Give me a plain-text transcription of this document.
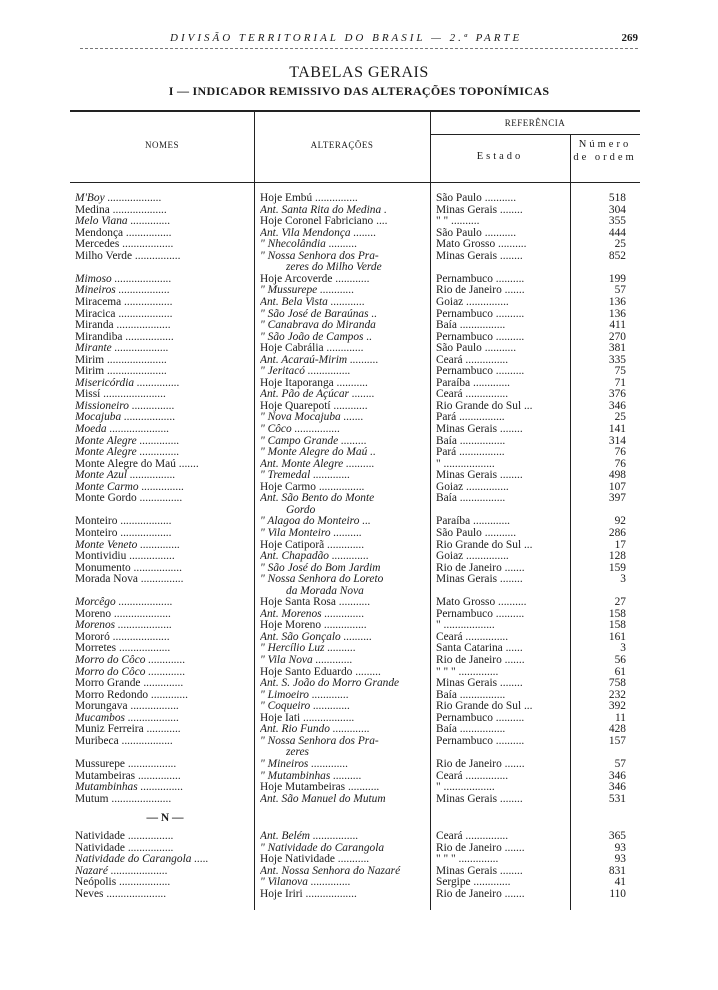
DIVISÃO TERRITORIAL DO BRASIL — 2.ª PARTE	269
TABELAS GERAIS
I — INDICADOR REMISSIVO DAS ALTERAÇÕES TOPONÍMICAS
NOMES	ALTERAÇÕES
REFERÊNCIA
Estado
Número de ordem
M'Boy ...................	Hoje Embú ...............	São Paulo ...........	518
Medina ...................	Ant. Santa Rita do Medina .	Minas Gerais ........	304
Melo Viana ..............	Hoje Coronel Fabriciano ....	" " ..........	355
Mendonça ................	Ant. Vila Mendonça ........	São Paulo ...........	444
Mercedes ..................	" Nhecolândia ..........	Mato Grosso ..........	25
Milho Verde ................	" Nossa Senhora dos Pra-	Minas Gerais ........	852
zeres do Milho Verde
Mimoso ....................	Hoje Arcoverde ............	Pernambuco ..........	199
Mineiros ..................	" Mussurepe ............	Rio de Janeiro .......	57
Miracema .................	Ant. Bela Vista ............	Goiaz ...............	136
Miracica ...................	" São José de Baraúnas ..	Pernambuco ..........	136
Miranda ...................	" Canabrava do Miranda	Baía ................	411
Mirandiba .................	" São João de Campos ..	Pernambuco ..........	270
Mirante ...................	Hoje Cabrália .............	São Paulo ...........	381
Mirim .....................	Ant. Acaraú-Mirim ..........	Ceará ...............	335
Mirim .....................	" Jeritacó ...............	Pernambuco ..........	75
Misericórdia ...............	Hoje Itaporanga ...........	Paraíba .............	71
Missí ......................	Ant. Pão de Açúcar ........	Ceará ...............	376
Missioneiro ...............	Hoje Quarepotí ............	Rio Grande do Sul ...	346
Mocajuba ..................	" Nova Mocajuba .......	Pará ................	25
Moeda .....................	" Côco ................	Minas Gerais ........	141
Monte Alegre ..............	" Campo Grande .........	Baía ................	314
Monte Alegre ..............	" Monte Alegre do Maú ..	Pará ................	76
Monte Alegre do Maú .......	Ant. Monte Alegre ..........	" ..................	76
Monte Azul ................	" Tremedal .............	Minas Gerais ........	498
Monte Carmo ...............	Hoje Carmo ................	Goiaz ...............	107
Monte Gordo ...............	Ant. São Bento do Monte	Baía ................	397
Gordo
Monteiro ..................	" Alagoa do Monteiro ...	Paraíba .............	92
Monteiro ..................	" Vila Monteiro ..........	São Paulo ...........	286
Monte Veneto ..............	Hoje Catiporã .............	Rio Grande do Sul ...	17
Montividiu ................	Ant. Chapadão .............	Goiaz ...............	128
Monumento .................	" São José do Bom Jardim	Rio de Janeiro .......	159
Morada Nova ...............	" Nossa Senhora do Loreto	Minas Gerais ........	3
da Morada Nova
Morcêgo ...................	Hoje Santa Rosa ...........	Mato Grosso ..........	27
Moreno ....................	Ant. Morenos ..............	Pernambuco ..........	158
Morenos ...................	Hoje Moreno ...............	" ..................	158
Mororó ....................	Ant. São Gonçalo ..........	Ceará ...............	161
Morretes ..................	" Hercílio Luz ..........	Santa Catarina ......	3
Morro do Côco .............	" Vila Nova .............	Rio de Janeiro .......	56
Morro do Côco .............	Hoje Santo Eduardo .........	" " " ..............	61
Morro Grande ..............	Ant. S. João do Morro Grande	Minas Gerais ........	758
Morro Redondo .............	" Limoeiro .............	Baía ................	232
Morungava .................	" Coqueiro .............	Rio Grande do Sul ...	392
Mucambos ..................	Hoje Iati ..................	Pernambuco ..........	11
Muniz Ferreira ............	Ant. Rio Fundo .............	Baía ................	428
Muribeca ..................	" Nossa Senhora dos Pra-	Pernambuco ..........	157
zeres
Mussurepe .................	" Mineiros .............	Rio de Janeiro .......	57
Mutambeiras ...............	" Mutambinhas ..........	Ceará ...............	346
Mutambinhas ...............	Hoje Mutambeiras ...........	" ..................	346
Mutum .....................	Ant. São Manuel do Mutum	Minas Gerais ........	531
Natividade ................	Ant. Belém ................	Ceará ...............	365
Natividade ................	" Natividade do Carangola	Rio de Janeiro .......	93
Natividade do Carangola .....	Hoje Natividade ...........	" " " ..............	93
Nazaré ....................	Ant. Nossa Senhora do Nazaré	Minas Gerais ........	831
Neópolis ..................	" Vilanova ..............	Sergipe .............	41
Neves .....................	Hoje Iriri ..................	Rio de Janeiro .......	110
— N —
